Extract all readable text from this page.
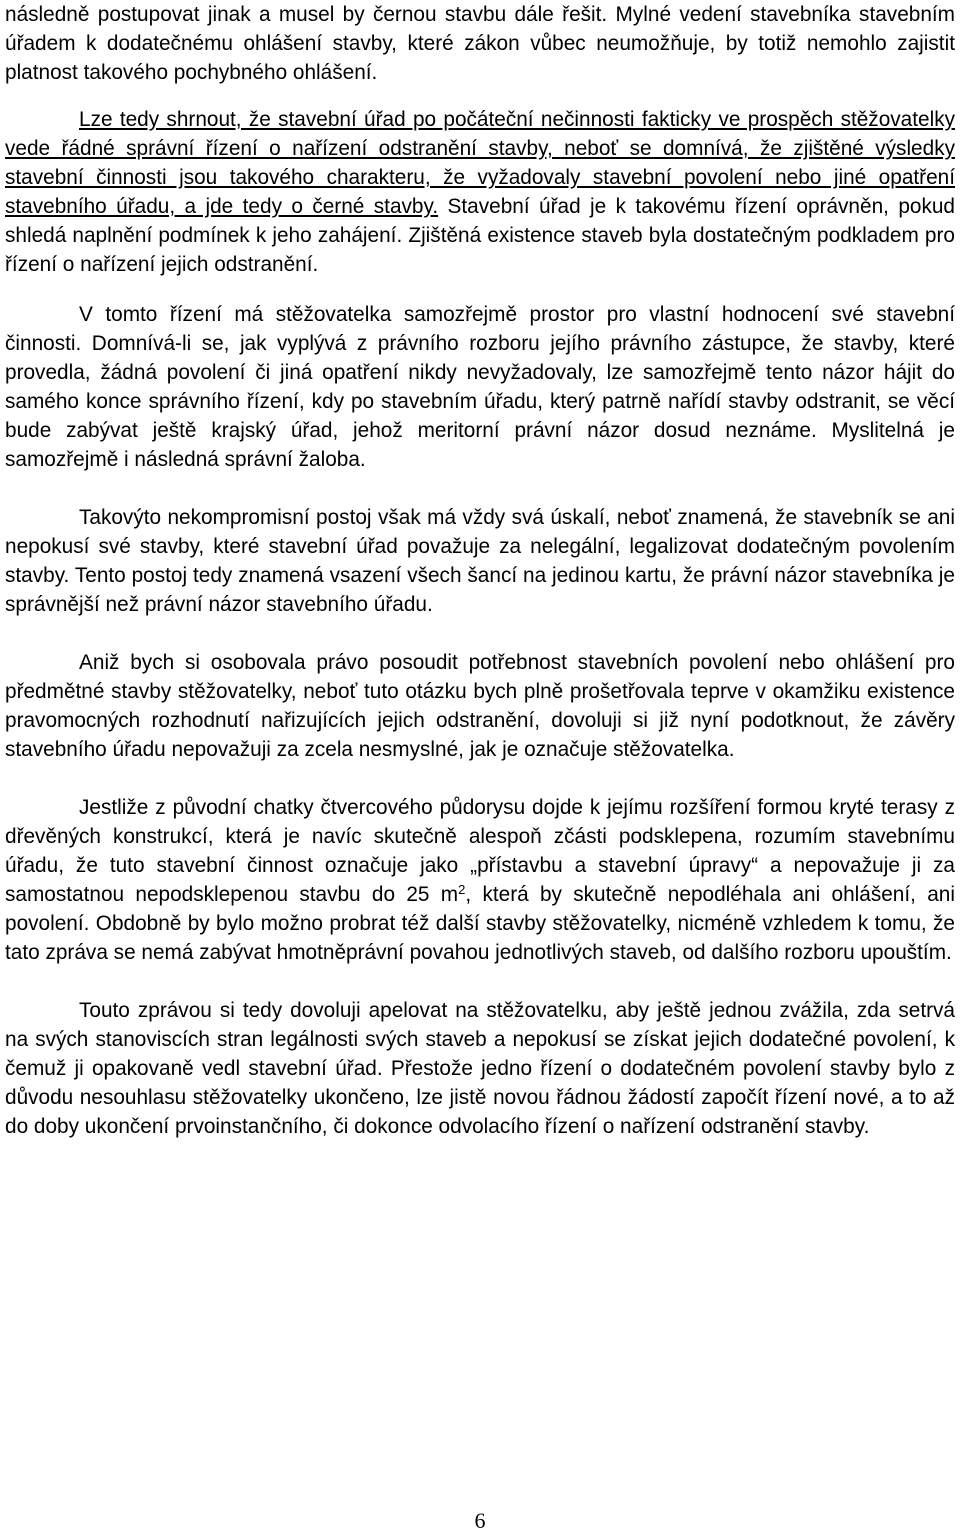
následně postupovat jinak a musel by černou stavbu dále řešit. Mylné vedení stavebníka stavebním úřadem k dodatečnému ohlášení stavby, které zákon vůbec neumožňuje, by totiž nemohlo zajistit platnost takového pochybného ohlášení.

Lze tedy shrnout, že stavební úřad po počáteční nečinnosti fakticky ve prospěch stěžovatelky vede řádné správní řízení o nařízení odstranění stavby, neboť se domnívá, že zjištěné výsledky stavební činnosti jsou takového charakteru, že vyžadovaly stavební povolení nebo jiné opatření stavebního úřadu, a jde tedy o černé stavby. Stavební úřad je k takovému řízení oprávněn, pokud shledá naplnění podmínek k jeho zahájení. Zjištěná existence staveb byla dostatečným podkladem pro řízení o nařízení jejich odstranění.

V tomto řízení má stěžovatelka samozřejmě prostor pro vlastní hodnocení své stavební činnosti. Domnívá-li se, jak vyplývá z právního rozboru jejího právního zástupce, že stavby, které provedla, žádná povolení či jiná opatření nikdy nevyžadovaly, lze samozřejmě tento názor hájit do samého konce správního řízení, kdy po stavebním úřadu, který patrně nařídí stavby odstranit, se věcí bude zabývat ještě krajský úřad, jehož meritorní právní názor dosud neznáme. Myslitelná je samozřejmě i následná správní žaloba.

Takovýto nekompromisní postoj však má vždy svá úskalí, neboť znamená, že stavebník se ani nepokusí své stavby, které stavební úřad považuje za nelegální, legalizovat dodatečným povolením stavby. Tento postoj tedy znamená vsazení všech šancí na jedinou kartu, že právní názor stavebníka je správnější než právní názor stavebního úřadu.

Aniž bych si osobovala právo posoudit potřebnost stavebních povolení nebo ohlášení pro předmětné stavby stěžovatelky, neboť tuto otázku bych plně prošetřovala teprve v okamžiku existence pravomocných rozhodnutí nařizujících jejich odstranění, dovoluji si již nyní podotknout, že závěry stavebního úřadu nepovažuji za zcela nesmyslné, jak je označuje stěžovatelka.

Jestliže z původní chatky čtvercového půdorysu dojde k jejímu rozšíření formou kryté terasy z dřevěných konstrukcí, která je navíc skutečně alespoň zčásti podsklepena, rozumím stavebnímu úřadu, že tuto stavební činnost označuje jako „přístavbu a stavební úpravy“ a nepovažuje ji za samostatnou nepodsklepenou stavbu do 25 $m^2$, která by skutečně nepodléhala ani ohlášení, ani povolení. Obdobně by bylo možno probrat též další stavby stěžovatelky, nicméně vzhledem k tomu, že tato zpráva se nemá zabývat hmotněprávní povahou jednotlivých staveb, od dalšího rozboru upouštím.

Touto zprávou si tedy dovoluji apelovat na stěžovatelku, aby ještě jednou zvážila, zda setrvá na svých stanoviscích stran legálnosti svých staveb a nepokusí se získat jejich dodatečné povolení, k čemuž ji opakovaně vedl stavební úřad. Přestože jedno řízení o dodatečném povolení stavby bylo z důvodu nesouhlasu stěžovatelky ukončeno, lze jistě novou řádnou žádostí započít řízení nové, a to až do doby ukončení prvoinstančního, či dokonce odvolacího řízení o nařízení odstranění stavby.

6
